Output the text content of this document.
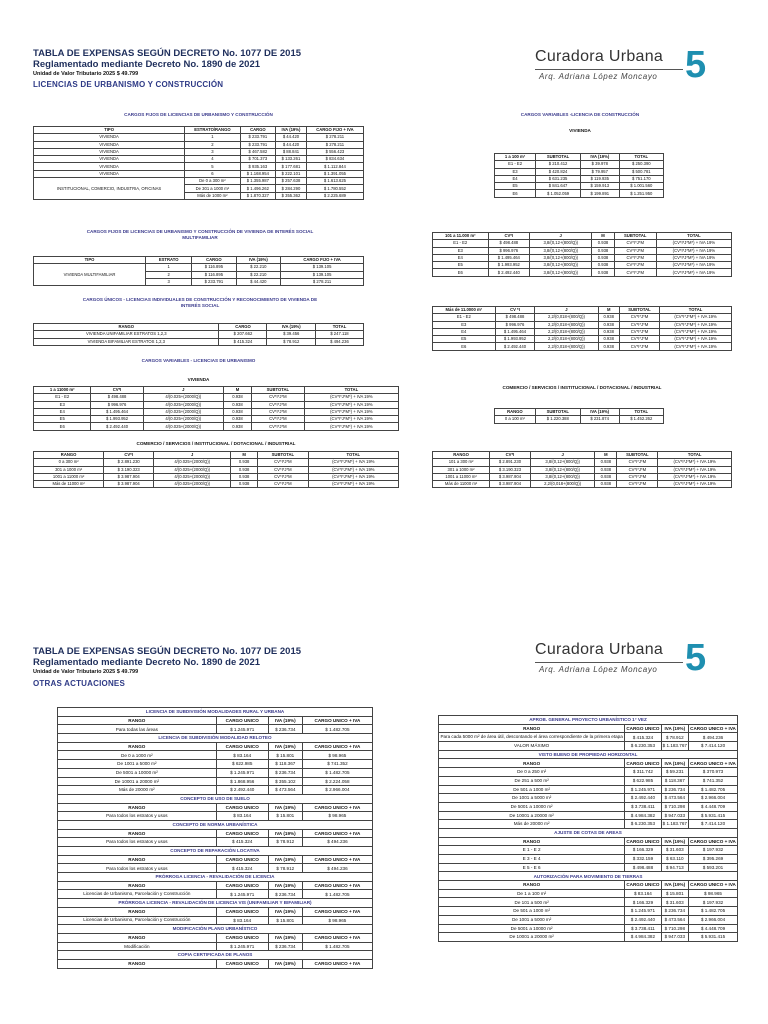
TABLA DE EXPENSAS SEGÚN DECRETO No. 1077 DE 2015
Reglamentado mediante Decreto No. 1890 de 2021
Unidad de Valor Tributario 2025 $ 49.799
LICENCIAS DE URBANISMO Y CONSTRUCCIÓN
Curadora Urbana
Arq. Adriana López Moncayo 5
CARGOS FIJOS DE LICENCIAS DE URBANISMO Y CONSTRUCCIÓN
TIPO	ESTRATO/RANGO	CARGO	IVA (19%)	CARGO FIJO + IVA
VIVIENDA	1	$ 233.791	$ 44.420	$ 278.211
VIVIENDA	2	$ 233.791	$ 44.420	$ 278.211
VIVIENDA	3	$ 467.582	$ 88.841	$ 556.423
VIVIENDA	4	$ 701.373	$ 133.261	$ 834.634
VIVIENDA	5	$ 935.163	$ 177.681	$ 1.112.844
VIVIENDA	6	$ 1.168.954	$ 222.101	$ 1.391.055
INSTITUCIONAL, COMERCIO, INDUSTRIA, OFICINAS	De 0 a 300 m²	$ 1.355.987	$ 257.638	$ 1.613.625
	De 301 a 1000 m²	$ 1.496.262	$ 284.290	$ 1.780.552
	Más de 1000 m²	$ 1.870.327	$ 355.362	$ 2.225.689
CARGOS FIJOS DE LICENCIAS DE URBANISMO Y CONSTRUCCIÓN DE VIVIENDA DE INTERÉS SOCIAL MULTIFAMILIAR
TIPO	ESTRATO	CARGO	IVA (19%)	CARGO FIJO + IVA
VIVIENDA MULTIFAMILIAR	1	$ 116.895	$ 22.210	$ 139.105
	2	$ 116.895	$ 22.210	$ 139.105
	3	$ 233.791	$ 44.420	$ 278.211
CARGOS ÚNICOS - LICENCIAS INDIVIDUALES DE CONSTRUCCIÓN Y RECONOCIMIENTO DE VIVIENDA DE INTERÉS SOCIAL
RANGO	CARGO	IVA (19%)	TOTAL
VIVIENDA UNIFAMILIAR ESTRATOS 1,2,3	$ 207.662	$ 39.456	$ 247.118
VIVIENDA BIFAMILIAR ESTRATOS 1,2,3	$ 415.324	$ 78.912	$ 494.236
CARGOS VARIABLES - LICENCIAS DE URBANISMO
VIVIENDA
1 a 11000 m²	CV*I	J	M	SUBTOTAL	TOTAL
E1 - E2	$ 498.488	4/(0.025+(2000/Q))	0.938	CV*I*J*M	(CV*I*J*M*) + IVA 19%
E3	$ 996.976	4/(0.025+(2000/Q))	0.938	CV*I*J*M	(CV*I*J*M*) + IVA 19%
E4	$ 1.495.464	4/(0.025+(2000/Q))	0.938	CV*I*J*M	(CV*I*J*M*) + IVA 19%
E5	$ 1.993.952	4/(0.025+(2000/Q))	0.938	CV*I*J*M	(CV*I*J*M*) + IVA 19%
E6	$ 2.492.440	4/(0.025+(2000/Q))	0.938	CV*I*J*M	(CV*I*J*M*) + IVA 19%
COMERCIO / SERVICIOS / INSTITUCIONAL / DOTACIONAL / INDUSTRIAL
RANGO	CV*I	J	M	SUBTOTAL	TOTAL
0 a 300 m²	$ 2.891.230	4/(0.025+(2000/Q))	0.938	CV*I*J*M	(CV*I*J*M*) + IVA 19%
301 a 1000 m²	$ 3.190.323	4/(0.025+(2000/Q))	0.938	CV*I*J*M	(CV*I*J*M*) + IVA 19%
1001 a 11000 m²	$ 3.987.904	4/(0.025+(2000/Q))	0.938	CV*I*J*M	(CV*I*J*M*) + IVA 19%
Más de 11000 m²	$ 3.987.904	4/(0.025+(2000/Q))	0.938	CV*I*J*M	(CV*I*J*M*) + IVA 19%
CARGOS VARIABLES -LICENCIA DE CONSTRUCCIÓN
VIVIENDA
1 a 100 m²	SUBTOTAL	IVA (19%)	TOTAL
E1 - E2	$ 210.412	$ 39.978	$ 250.390
E3	$ 420.824	$ 79.957	$ 500.781
E4	$ 631.235	$ 119.935	$ 751.170
E5	$ 841.647	$ 159.913	$ 1.001.560
E6	$ 1.052.059	$ 199.891	$ 1.251.950
101 a 11.000 m²	CV*I	J	M	SUBTOTAL	TOTAL
E1 - E2	$ 498.488	3,8/(0,12+(800/Q))	0.938	CV*I*J*M	(CV*I*J*M*) + IVA 19%
E3	$ 996.976	3,8/(0,12+(800/Q))	0.938	CV*I*J*M	(CV*I*J*M*) + IVA 19%
E4	$ 1.495.464	3,8/(0,12+(800/Q))	0.938	CV*I*J*M	(CV*I*J*M*) + IVA 19%
E5	$ 1.993.952	3,8/(0,12+(800/Q))	0.938	CV*I*J*M	(CV*I*J*M*) + IVA 19%
E6	$ 2.492.440	3,8/(0,12+(800/Q))	0.938	CV*I*J*M	(CV*I*J*M*) + IVA 19%
Más de 11.0000 m²	CV *I	J	M	SUBTOTAL	TOTAL
E1 - E2	$ 498.488	2,2/(0,018+(800/Q))	0.938	CV*I*J*M	(CV*I*J*M*) + IVA 19%
E3	$ 996.976	2,2/(0,018+(800/Q))	0.938	CV*I*J*M	(CV*I*J*M*) + IVA 19%
E4	$ 1.495.464	2,2/(0,018+(800/Q))	0.938	CV*I*J*M	(CV*I*J*M*) + IVA 19%
E5	$ 1.993.952	2,2/(0,018+(800/Q))	0.938	CV*I*J*M	(CV*I*J*M*) + IVA 19%
E6	$ 2.492.440	2,2/(0,018+(800/Q))	0.938	CV*I*J*M	(CV*I*J*M*) + IVA 19%
COMERCIO / SERVICIOS / INSTITUCIONAL / DOTACIONAL / INDUSTRIAL
RANGO	SUBTOTAL	IVA (19%)	TOTAL
0 a 100 m²	$ 1.220.388	$ 231.874	$ 1.452.262
RANGO	CV*I	J	M	SUBTOTAL	TOTAL
101 a 300 m²	$ 2.891.230	3,8/(0,12+(800/Q))	0.938	CV*I*J*M	(CV*I*J*M*) + IVA 19%
301 a 1000 m²	$ 3.190.323	3,8/(0,12+(800/Q))	0.938	CV*I*J*M	(CV*I*J*M*) + IVA 19%
1001 a 11000 m²	$ 3.987.904	3,8/(0,12+(800/Q))	0.938	CV*I*J*M	(CV*I*J*M*) + IVA 19%
Más de 11000 m²	$ 3.987.904	2,2/(0,018+(800/Q))	0.938	CV*I*J*M	(CV*I*J*M*) + IVA 19%
TABLA DE EXPENSAS SEGÚN DECRETO No. 1077 DE 2015
Reglamentado mediante Decreto No. 1890 de 2021
Unidad de Valor Tributario 2025 $ 49.799
OTRAS ACTUACIONES
Curadora Urbana
Arq. Adriana López Moncayo 5
LICENCIA DE SUBDIVISIÓN MODALIDADES RURAL Y URBANA			
RANGO	CARGO UNICO	IVA (19%)	CARGO UNICO + IVA
Para todas las áreas	$ 1.245.971	$ 236.734	$ 1.482.705
LICENCIA DE SUBDIVISIÓN MODALIDAD RELOTEO			
RANGO	CARGO UNICO	IVA (19%)	CARGO UNICO + IVA
De 0 a 1000 m²	$ 83.164	$ 15.801	$ 98.965
De 1001 a 5000 m²	$ 622.985	$ 118.367	$ 741.352
De 5001 a 10000 m²	$ 1.245.971	$ 236.734	$ 1.482.705
De 10001 a 20000 m²	$ 1.868.956	$ 355.102	$ 2.224.058
Más de 20000 m²	$ 2.492.440	$ 473.564	$ 2.966.004
CONCEPTO DE USO DE SUELO			
RANGO	CARGO UNICO	IVA (19%)	CARGO UNICO + IVA
Para todos los estratos y usos	$ 83.164	$ 15.801	$ 98.965
CONCEPTO DE NORMA URBANÍSTICA			
RANGO	CARGO UNICO	IVA (19%)	CARGO UNICO + IVA
Para todos los estratos y usos	$ 415.324	$ 78.912	$ 494.236
CONCEPTO DE REPARACIÓN LOCATIVA			
RANGO	CARGO UNICO	IVA (19%)	CARGO UNICO + IVA
Para todos los estratos y usos	$ 415.324	$ 78.912	$ 494.236
PRÓRROGA LICENCIA - REVALIDACIÓN DE LICENCIA			
RANGO	CARGO UNICO	IVA (19%)	CARGO UNICO + IVA
Licencias de Urbanismo, Parcelación y Construcción	$ 1.245.971	$ 236.734	$ 1.482.705
PRÓRROGA LICENCIA - REVALIDACIÓN DE LICENCIA VIS (UNIFAMILIAR Y BIFAMILIAR)			
RANGO	CARGO UNICO	IVA (19%)	CARGO UNICO + IVA
Licencias de Urbanismo, Parcelación y Construcción	$ 83.164	$ 15.801	$ 98.965
MODIFICACIÓN PLANO URBANÍSTICO			
RANGO	CARGO UNICO	IVA (19%)	CARGO UNICO + IVA
Modificación	$ 1.245.971	$ 236.734	$ 1.482.705
COPIA CERTIFICADA DE PLANOS			
RANGO	CARGO UNICO	IVA (19%)	CARGO UNICO + IVA
APROB. GENERAL PROYECTO URBANÍSTICO 1° VEZ			
RANGO	CARGO UNICO	IVA (19%)	CARGO UNICO + IVA
Para cada 5000 m² de área útil, descontando el área correspondiente de la primera etapa	$ 415.324	$ 78.912	$ 494.236
VALOR MÁXIMO	$ 6.230.353	$ 1.183.767	$ 7.414.120
VISTO BUENO DE PROPIEDAD HORIZONTAL			
RANGO	CARGO UNICO	IVA (19%)	CARGO UNICO + IVA
De 0 a 250 m²	$ 311.742	$ 59.231	$ 370.973
De 251 a 500 m²	$ 622.985	$ 118.367	$ 741.352
De 501 a 1000 m²	$ 1.245.971	$ 236.734	$ 1.482.705
De 1001 a 5000 m²	$ 2.492.440	$ 473.564	$ 2.966.004
De 5001 a 10000 m²	$ 3.738.411	$ 710.298	$ 4.448.709
De 10001 a 20000 m²	$ 4.984.382	$ 947.033	$ 5.931.415
Más de 20000 m²	$ 6.230.353	$ 1.183.767	$ 7.414.120
AJUSTE DE COTAS DE AREAS			
RANGO	CARGO UNICO	IVA (19%)	CARGO UNICO + IVA
E 1 - E 2	$ 166.329	$ 31.603	$ 197.932
E 3 - E 4	$ 332.159	$ 63.110	$ 395.269
E 5 - E 6	$ 498.488	$ 94.713	$ 593.201
AUTORIZACIÓN PARA MOVIMIENTO DE TIERRAS			
RANGO	CARGO UNICO	IVA (19%)	CARGO UNICO + IVA
De 1 a 100 m²	$ 83.164	$ 15.801	$ 98.965
De 101 a 500 m²	$ 166.329	$ 31.603	$ 197.932
De 501 a 1000 m²	$ 1.245.971	$ 236.734	$ 1.482.705
De 1001 a 5000 m²	$ 2.492.440	$ 473.564	$ 2.966.004
De 5001 a 10000 m²	$ 3.738.411	$ 710.298	$ 4.448.709
De 10001 a 20000 m²	$ 4.984.382	$ 947.033	$ 5.931.415
